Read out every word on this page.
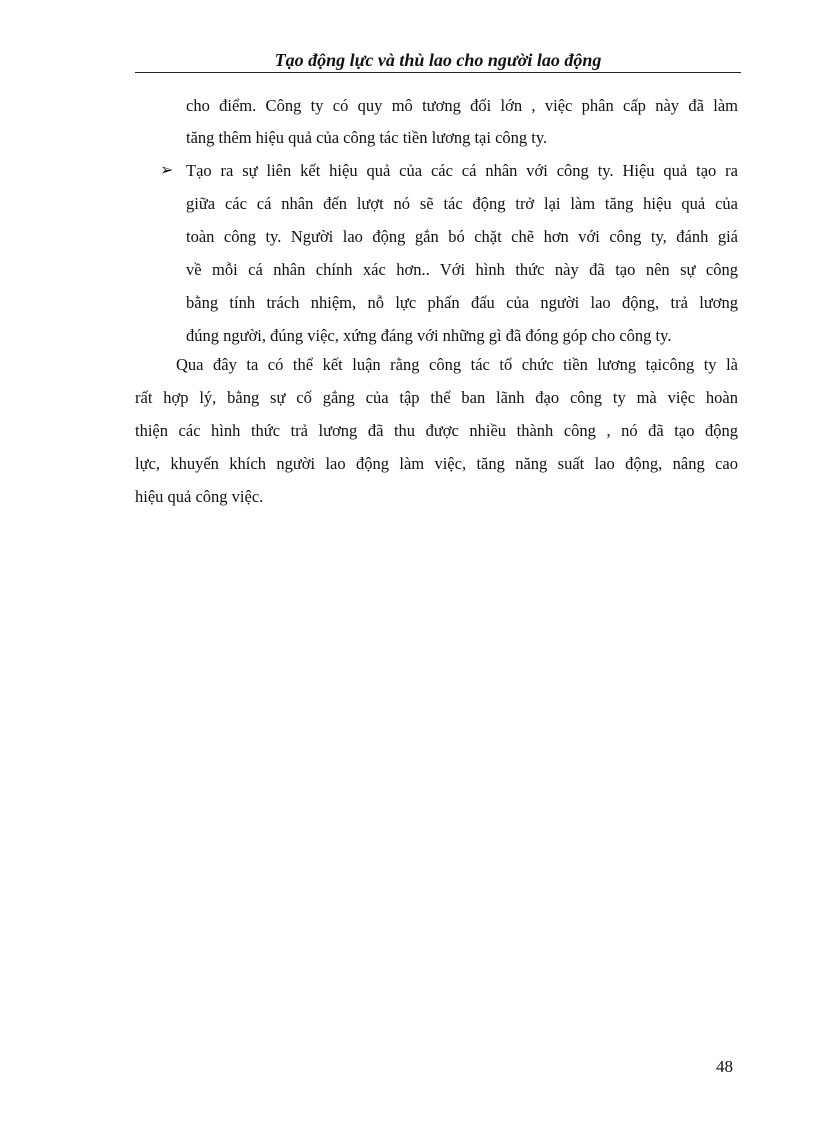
Tạo động lực và thù lao cho người lao động
cho điểm. Công ty có quy mô tương đối lớn , việc phân cấp này đã làm
tăng thêm hiệu quả của công tác tiền lương tại công ty.
➢ Tạo ra sự liên kết hiệu quả của các cá nhân với công ty. Hiệu quả tạo ra
giữa các cá nhân đến lượt nó sẽ tác động trở lại làm tăng hiệu quả của
toàn công ty. Người lao động gắn bó chặt chẽ hơn với công ty, đánh giá
về mỗi cá nhân chính xác hơn.. Với hình thức này đã tạo nên sự công
bằng tính trách nhiệm, nỗ lực phấn đấu của người lao động, trả lương
đúng người, đúng việc, xứng đáng với những gì đã đóng góp cho công ty.
Qua đây ta có thể kết luận rằng công tác tổ chức tiền lương tạicông ty là
rất hợp lý, bằng sự cố gắng của tập thể ban lãnh đạo công ty mà việc hoàn
thiện các hình thức trả lương đã thu được nhiều thành công , nó đã tạo động
lực, khuyến khích người lao động làm việc, tăng năng suất lao động, nâng cao
hiệu quả công việc.
48
